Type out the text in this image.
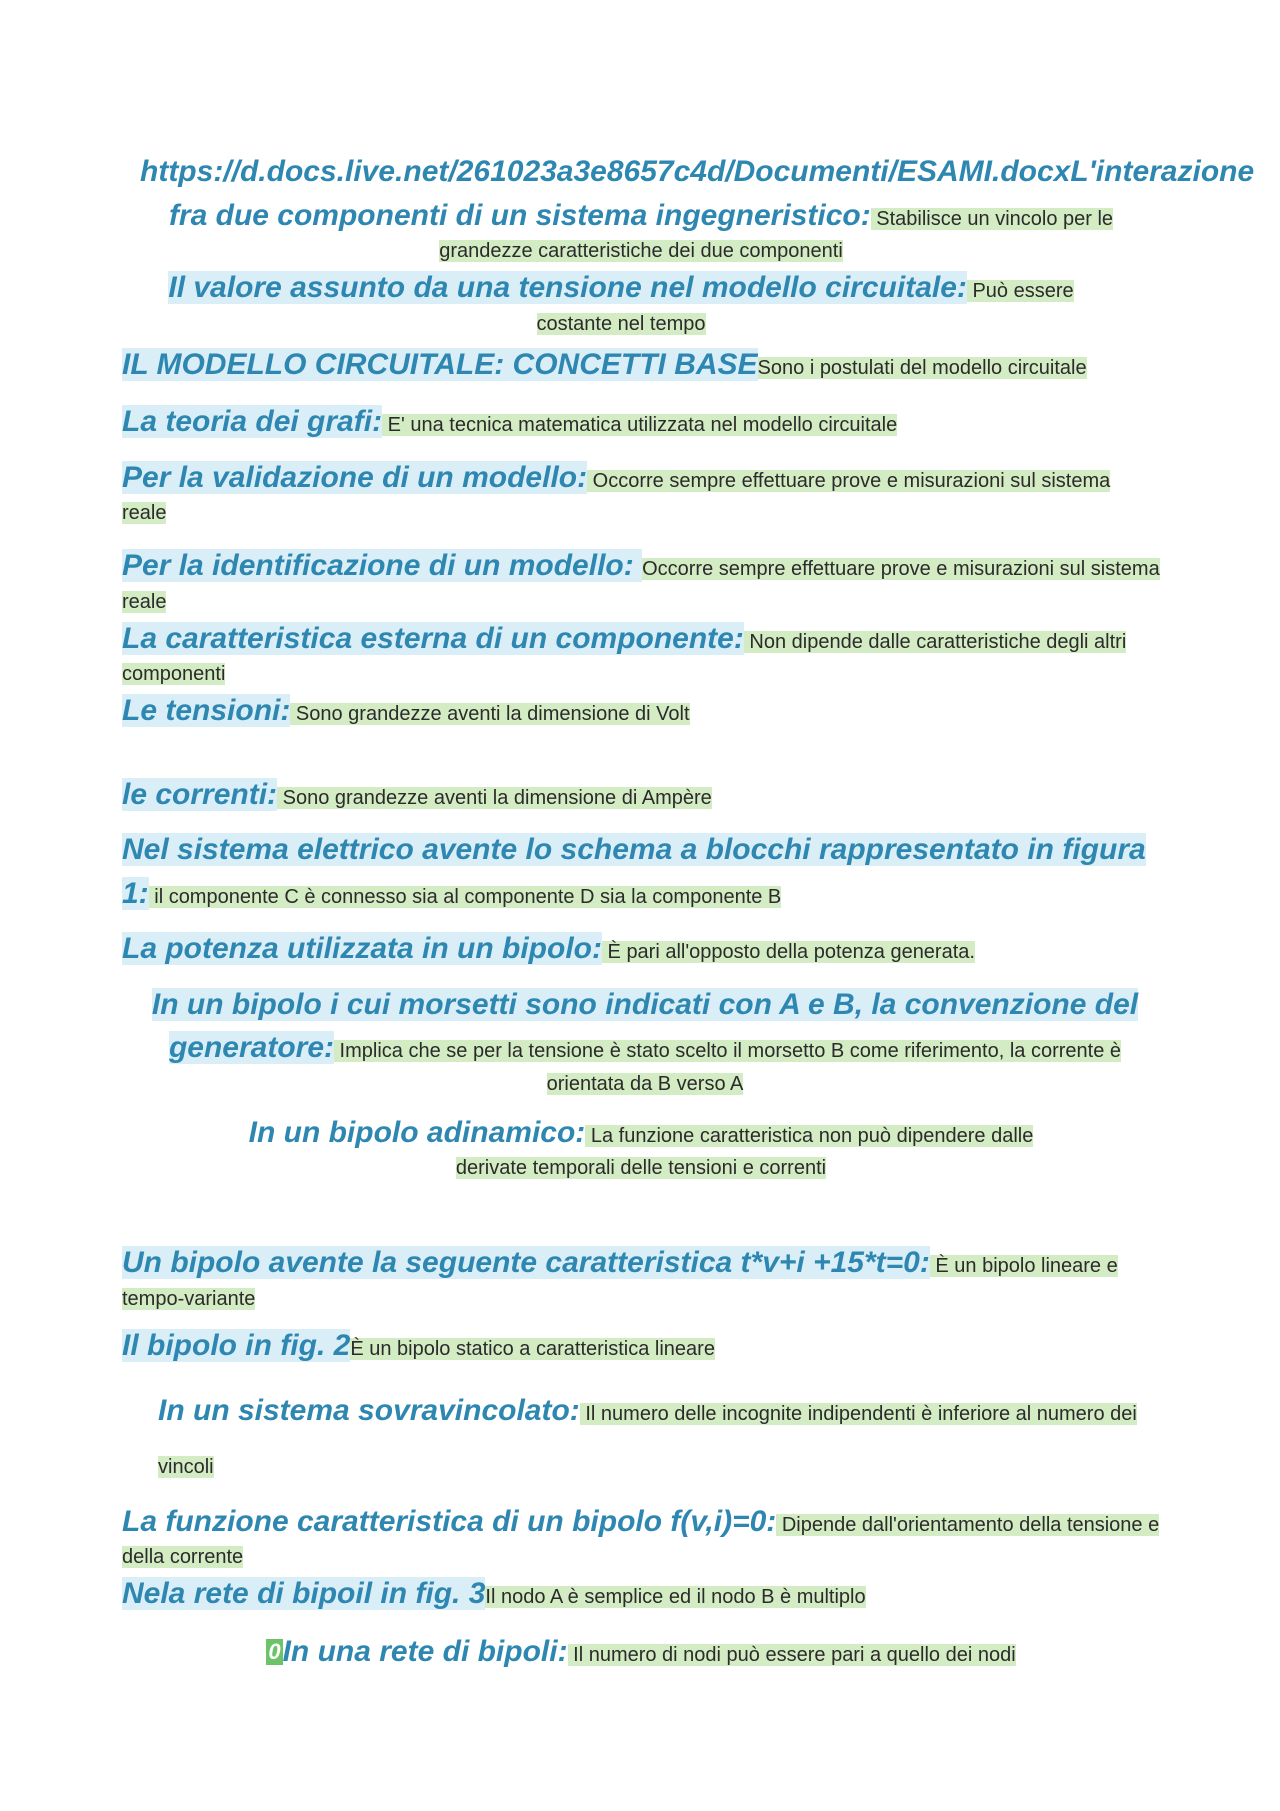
https://d.docs.live.net/261023a3e8657c4d/Documenti/ESAMI.docxL'interazione fra due componenti di un sistema ingegneristico: Stabilisce un vincolo per le grandezze caratteristiche dei due componenti

Il valore assunto da una tensione nel modello circuitale: Può essere costante nel tempo

IL MODELLO CIRCUITALE: CONCETTI BASESono i postulati del modello circuitale

La teoria dei grafi: E' una tecnica matematica utilizzata nel modello circuitale

Per la validazione di un modello: Occorre sempre effettuare prove e misurazioni sul sistema reale

Per la identificazione di un modello: Occorre sempre effettuare prove e misurazioni sul sistema reale

La caratteristica esterna di un componente: Non dipende dalle caratteristiche degli altri componenti

Le tensioni: Sono grandezze aventi la dimensione di Volt

le correnti: Sono grandezze aventi la dimensione di Ampère

Nel sistema elettrico avente lo schema a blocchi rappresentato in figura 1: il componente C è connesso sia al componente D sia la componente B

La potenza utilizzata in un bipolo: È pari all'opposto della potenza generata.

In un bipolo i cui morsetti sono indicati con A e B, la convenzione del generatore: Implica che se per la tensione è stato scelto il morsetto B come riferimento, la corrente è orientata da B verso A

In un bipolo adinamico: La funzione caratteristica non può dipendere dalle derivate temporali delle tensioni e correnti

Un bipolo avente la seguente caratteristica t*v+i +15*t=0: È un bipolo lineare e tempo-variante

Il bipolo in fig. 2È un bipolo statico a caratteristica lineare

In un sistema sovravincolato: Il numero delle incognite indipendenti è inferiore al numero dei vincoli

La funzione caratteristica di un bipolo f(v,i)=0: Dipende dall'orientamento della tensione e della corrente

Nela rete di bipoil in fig. 3Il nodo A è semplice ed il nodo B è multiplo

0In una rete di bipoli: Il numero di nodi può essere pari a quello dei nodi
